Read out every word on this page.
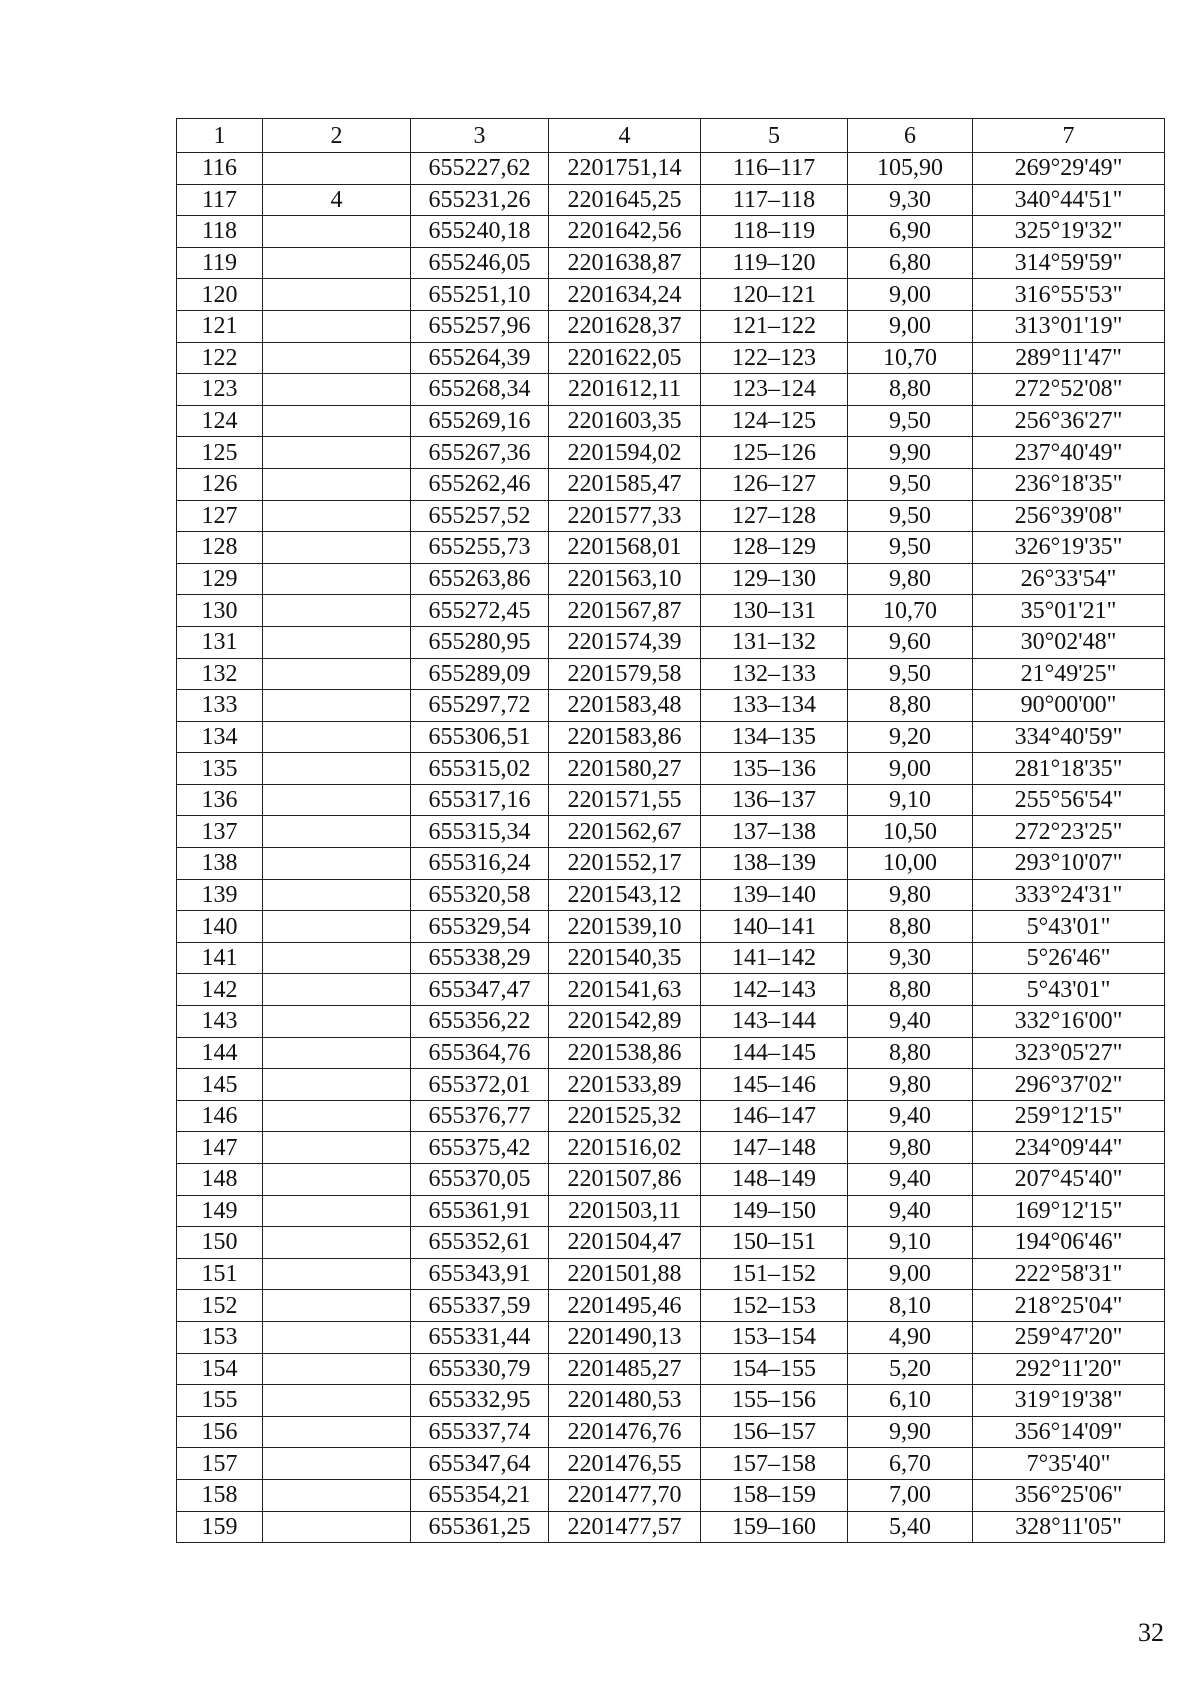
1	2	3	4	5	6	7
116		655227,62	2201751,14	116–117	105,90	269°29'49"
117	4	655231,26	2201645,25	117–118	9,30	340°44'51"
118		655240,18	2201642,56	118–119	6,90	325°19'32"
119		655246,05	2201638,87	119–120	6,80	314°59'59"
120		655251,10	2201634,24	120–121	9,00	316°55'53"
121		655257,96	2201628,37	121–122	9,00	313°01'19"
122		655264,39	2201622,05	122–123	10,70	289°11'47"
123		655268,34	2201612,11	123–124	8,80	272°52'08"
124		655269,16	2201603,35	124–125	9,50	256°36'27"
125		655267,36	2201594,02	125–126	9,90	237°40'49"
126		655262,46	2201585,47	126–127	9,50	236°18'35"
127		655257,52	2201577,33	127–128	9,50	256°39'08"
128		655255,73	2201568,01	128–129	9,50	326°19'35"
129		655263,86	2201563,10	129–130	9,80	26°33'54"
130		655272,45	2201567,87	130–131	10,70	35°01'21"
131		655280,95	2201574,39	131–132	9,60	30°02'48"
132		655289,09	2201579,58	132–133	9,50	21°49'25"
133		655297,72	2201583,48	133–134	8,80	90°00'00"
134		655306,51	2201583,86	134–135	9,20	334°40'59"
135		655315,02	2201580,27	135–136	9,00	281°18'35"
136		655317,16	2201571,55	136–137	9,10	255°56'54"
137		655315,34	2201562,67	137–138	10,50	272°23'25"
138		655316,24	2201552,17	138–139	10,00	293°10'07"
139		655320,58	2201543,12	139–140	9,80	333°24'31"
140		655329,54	2201539,10	140–141	8,80	5°43'01"
141		655338,29	2201540,35	141–142	9,30	5°26'46"
142		655347,47	2201541,63	142–143	8,80	5°43'01"
143		655356,22	2201542,89	143–144	9,40	332°16'00"
144		655364,76	2201538,86	144–145	8,80	323°05'27"
145		655372,01	2201533,89	145–146	9,80	296°37'02"
146		655376,77	2201525,32	146–147	9,40	259°12'15"
147		655375,42	2201516,02	147–148	9,80	234°09'44"
148		655370,05	2201507,86	148–149	9,40	207°45'40"
149		655361,91	2201503,11	149–150	9,40	169°12'15"
150		655352,61	2201504,47	150–151	9,10	194°06'46"
151		655343,91	2201501,88	151–152	9,00	222°58'31"
152		655337,59	2201495,46	152–153	8,10	218°25'04"
153		655331,44	2201490,13	153–154	4,90	259°47'20"
154		655330,79	2201485,27	154–155	5,20	292°11'20"
155		655332,95	2201480,53	155–156	6,10	319°19'38"
156		655337,74	2201476,76	156–157	9,90	356°14'09"
157		655347,64	2201476,55	157–158	6,70	7°35'40"
158		655354,21	2201477,70	158–159	7,00	356°25'06"
159		655361,25	2201477,57	159–160	5,40	328°11'05"
32
